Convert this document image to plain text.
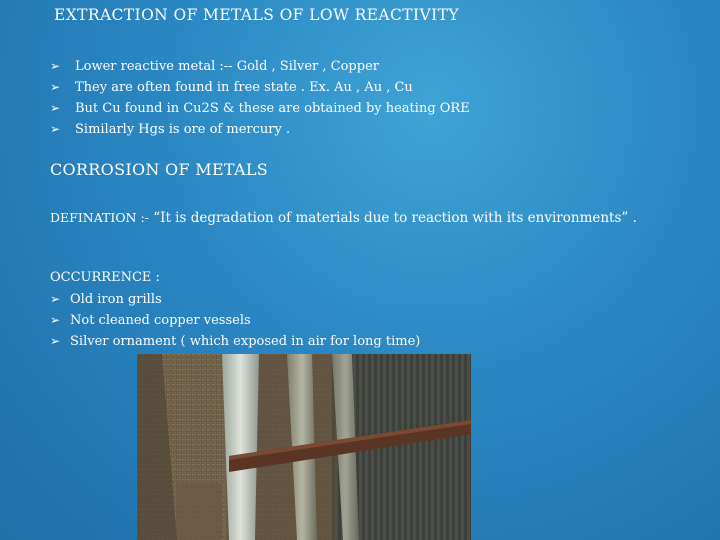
EXTRACTION OF METALS OF LOW REACTIVITY
➢ Lower reactive metal :-- Gold , Silver , Copper
➢ They are often found in free state . Ex. Au , Au , Cu
➢ But Cu found in Cu2S & these are obtained by heating ORE
➢ Similarly Hgs is ore of mercury .
CORROSION OF METALS
DEFINATION :- “It is degradation of materials due to reaction with its environments” .
OCCURRENCE :
➢ Old iron grills
➢ Not cleaned copper vessels
➢ Silver ornament ( which exposed in air for long time)
